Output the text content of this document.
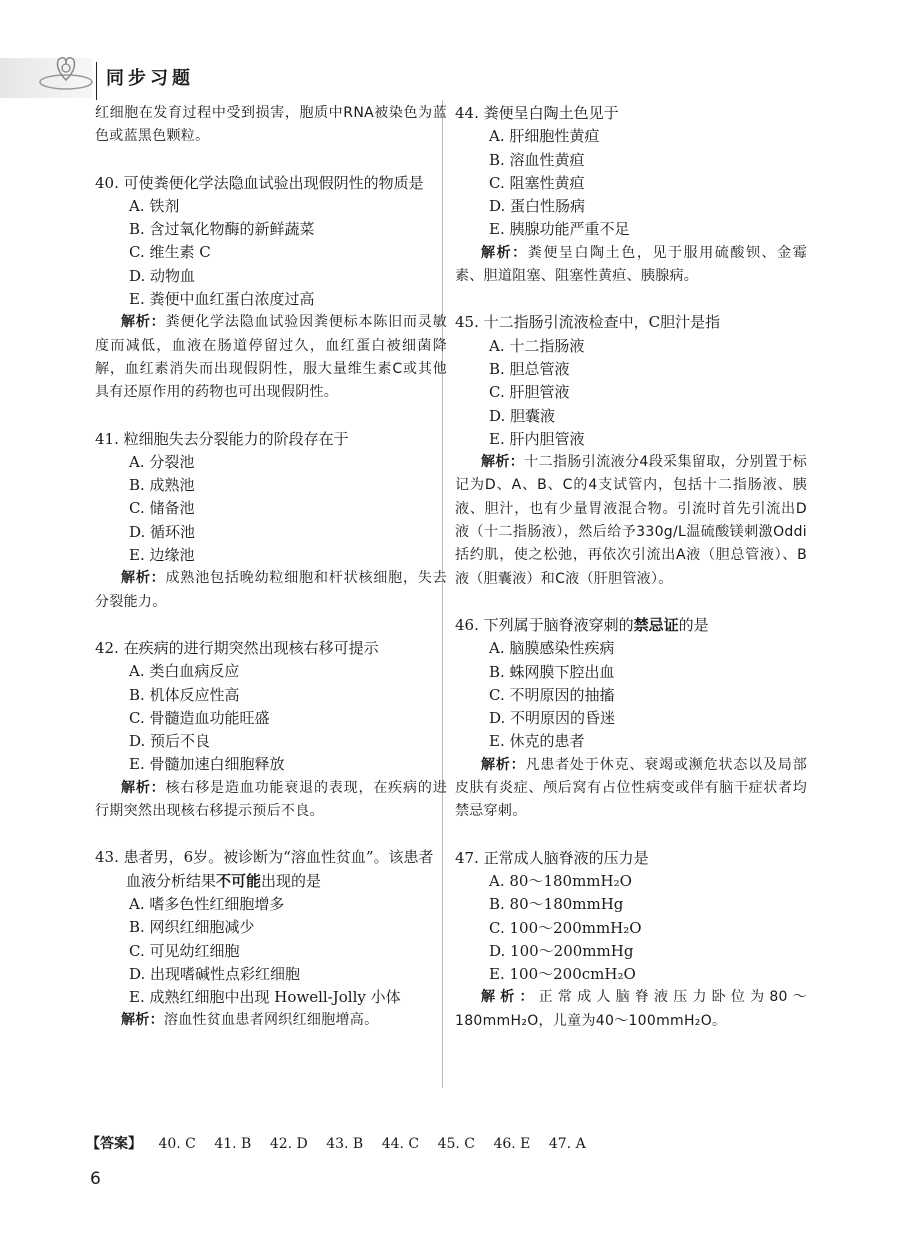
同步习题
红细胞在发育过程中受到损害，胞质中RNA被染色为蓝色或蓝黑色颗粒。
40. 可使粪便化学法隐血试验出现假阴性的物质是
A. 铁剂
B. 含过氧化物酶的新鲜蔬菜
C. 维生素 C
D. 动物血
E. 粪便中血红蛋白浓度过高
解析：粪便化学法隐血试验因粪便标本陈旧而灵敏度而减低，血液在肠道停留过久，血红蛋白被细菌降解，血红素消失而出现假阴性，服大量维生素C或其他具有还原作用的药物也可出现假阴性。
41. 粒细胞失去分裂能力的阶段存在于
A. 分裂池
B. 成熟池
C. 储备池
D. 循环池
E. 边缘池
解析：成熟池包括晚幼粒细胞和杆状核细胞，失去分裂能力。
42. 在疾病的进行期突然出现核右移可提示
A. 类白血病反应
B. 机体反应性高
C. 骨髓造血功能旺盛
D. 预后不良
E. 骨髓加速白细胞释放
解析：核右移是造血功能衰退的表现，在疾病的进行期突然出现核右移提示预后不良。
43. 患者男，6岁。被诊断为“溶血性贫血”。该患者血液分析结果不可能出现的是
A. 嗜多色性红细胞增多
B. 网织红细胞减少
C. 可见幼红细胞
D. 出现嗜碱性点彩红细胞
E. 成熟红细胞中出现 Howell-Jolly 小体
解析：溶血性贫血患者网织红细胞增高。
44. 粪便呈白陶土色见于
A. 肝细胞性黄疸
B. 溶血性黄疸
C. 阻塞性黄疸
D. 蛋白性肠病
E. 胰腺功能严重不足
解析：粪便呈白陶土色，见于服用硫酸钡、金霉素、胆道阻塞、阻塞性黄疸、胰腺病。
45. 十二指肠引流液检查中，C胆汁是指
A. 十二指肠液
B. 胆总管液
C. 肝胆管液
D. 胆囊液
E. 肝内胆管液
解析：十二指肠引流液分4段采集留取，分别置于标记为D、A、B、C的4支试管内，包括十二指肠液、胰液、胆汁，也有少量胃液混合物。引流时首先引流出D液（十二指肠液），然后给予330g/L温硫酸镁刺激Oddi括约肌，使之松弛，再依次引流出A液（胆总管液）、B液（胆囊液）和C液（肝胆管液）。
46. 下列属于脑脊液穿刺的禁忌证的是
A. 脑膜感染性疾病
B. 蛛网膜下腔出血
C. 不明原因的抽搐
D. 不明原因的昏迷
E. 休克的患者
解析：凡患者处于休克、衰竭或濒危状态以及局部皮肤有炎症、颅后窝有占位性病变或伴有脑干症状者均禁忌穿刺。
47. 正常成人脑脊液的压力是
A. 80～180mmH₂O
B. 80～180mmHg
C. 100～200mmH₂O
D. 100～200mmHg
E. 100～200cmH₂O
解析：正常成人脑脊液压力卧位为80～180mmH₂O，儿童为40～100mmH₂O。
【答案】 40. C 41. B 42. D 43. B 44. C 45. C 46. E 47. A
6
